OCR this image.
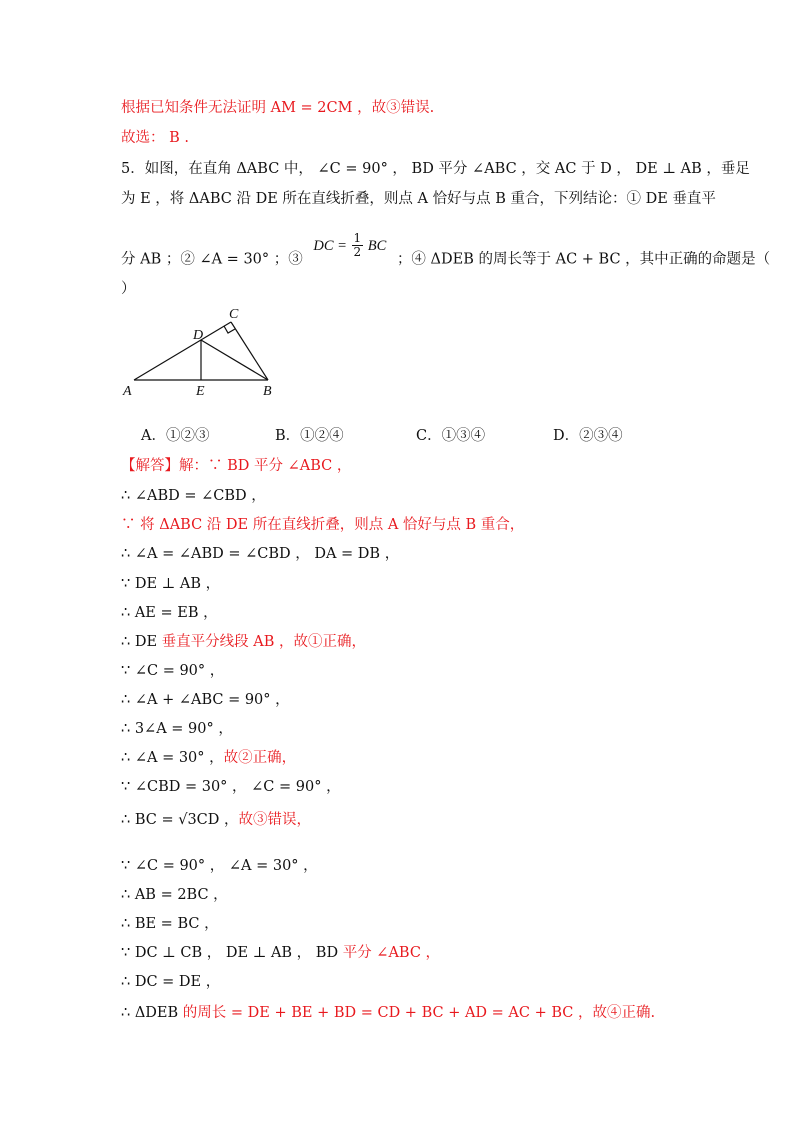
根据已知条件无法证明 AM = 2CM ，故③错误.
故选： B .
5．如图，在直角 ΔABC 中， ∠C = 90° ， BD 平分 ∠ABC ，交 AC 于 D ， DE ⊥ AB ，垂足
为 E ，将 ΔABC 沿 DE 所在直线折叠，则点 A 恰好与点 B 重合，下列结论：① DE 垂直平
分 AB ；② ∠A = 30° ；③ DC = $\frac{1}{2}$ BC ；④ ΔDEB 的周长等于 AC + BC ，其中正确的命题是（
）
A	B
C
D
E
A．①②③	B．①②④	C．①③④	D．②③④
【解答】解：∵ BD 平分 ∠ABC ，
∴ ∠ABD = ∠CBD ，
∵ 将 ΔABC 沿 DE 所在直线折叠，则点 A 恰好与点 B 重合，
∴ ∠A = ∠ABD = ∠CBD ， DA = DB ，
∵ DE ⊥ AB ，
∴ AE = EB ，
∴ DE 垂直平分线段 AB ，故①正确，
∵ ∠C = 90° ，
∴ ∠A + ∠ABC = 90° ，
∴ 3∠A = 90° ，
∴ ∠A = 30° ，故②正确，
∵ ∠CBD = 30° ， ∠C = 90° ，
∴ BC = √3CD ，故③错误，
∵ ∠C = 90° ， ∠A = 30° ，
∴ AB = 2BC ，
∴ BE = BC ，
∵ DC ⊥ CB ， DE ⊥ AB ， BD 平分 ∠ABC ，
∴ DC = DE ，
∴ ΔDEB 的周长 = DE + BE + BD = CD + BC + AD = AC + BC ，故④正确.
